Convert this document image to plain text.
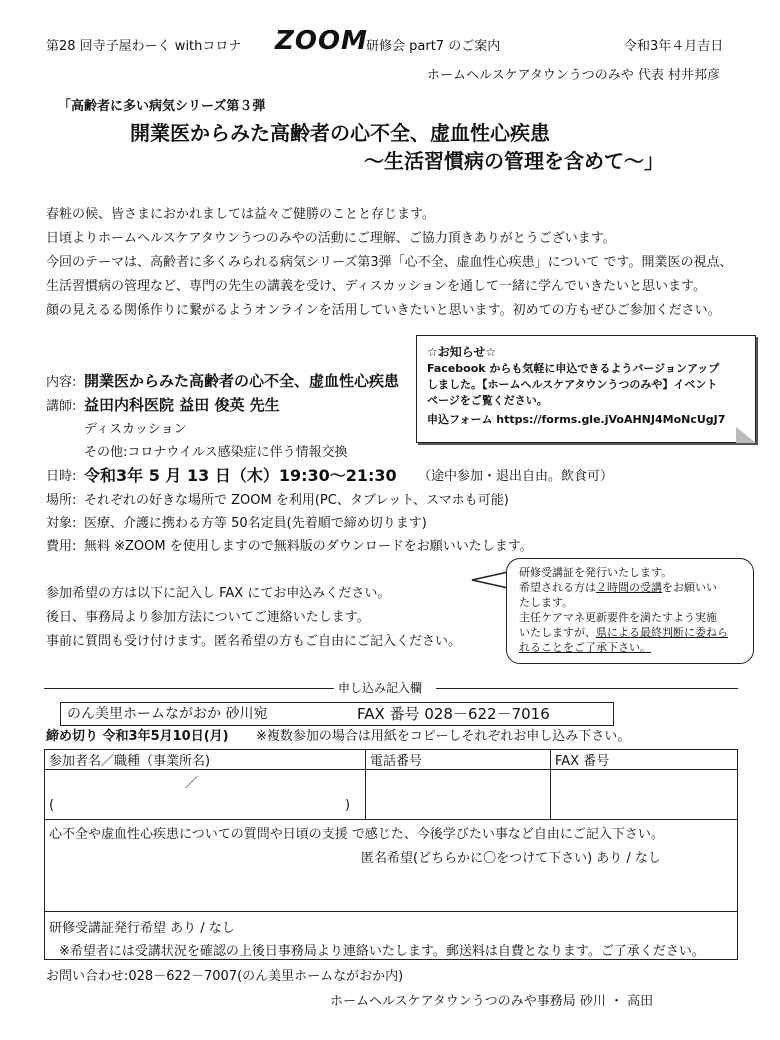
第28 回寺子屋わーく withコロナ ZOOM
研修会 part7 のご案内	令和3年４月吉日
ホームヘルスケアタウンうつのみや 代表 村井邦彦
「高齢者に多い病気シリーズ第３弾
開業医からみた高齢者の心不全、虚血性心疾患
～生活習慣病の管理を含めて～」
春粧の候、皆さまにおかれましては益々ご健勝のことと存じます。
日頃よりホームヘルスケアタウンうつのみやの活動にご理解、ご協力頂きありがとうございます。
今回のテーマは、高齢者に多くみられる病気シリーズ第3弾「心不全、虚血性心疾患」について です。開業医の視点、
生活習慣病の管理など、専門の先生の講義を受け、ディスカッションを通して一緒に学んでいきたいと思います。
顔の見えるる関係作りに繋がるようオンラインを活用していきたいと思います。初めての方もぜひご参加ください。
☆お知らせ☆
Facebook からも気軽に申込できるようバージョンアップ
しました。【ホームヘルスケアタウンうつのみや】イベント
ページをご覧ください。
申込フォーム https://forms.gle.jVoAHNJ4MoNcUgJ7
内容: 開業医からみた高齢者の心不全、虚血性心疾患
講師: 益田内科医院 益田 俊英 先生
ディスカッション
その他:コロナウイルス感染症に伴う情報交換
日時: 令和3年 5 月 13 日（木）19:30～21:30 （途中参加・退出自由。飲食可）
場所: それぞれの好きな場所で ZOOM を利用(PC、タブレット、スマホも可能)
対象: 医療、介護に携わる方等 50名定員(先着順で締め切ります)
費用: 無料 ※ZOOM を使用しますので無料版のダウンロードをお願いいたします。
参加希望の方は以下に記入し FAX にてお申込みください。
後日、事務局より参加方法についてご連絡いたします。
事前に質問も受け付けます。匿名希望の方もご自由にご記入ください。
研修受講証を発行いたします。
希望される方は２時間の受講をお願いい
たします。
主任ケアマネ更新要件を満たすよう実施
いたしますが、県による最終判断に委ねら
れることをご了承下さい。
申し込み記入欄
のん美里ホームながおか 砂川宛	FAX 番号 028－622－7016
締め切り 令和3年5月10日(月) ※複数参加の場合は用紙をコピーしそれぞれお申し込み下さい。
参加者名／職種（事業所名)	電話番号	FAX 番号

／
( )		

心不全や虚血性心疾患についての質問や日頃の支援 で感じた、今後学びたい事など自由にご記入下さい。
匿名希望(どちらかに〇をつけて下さい) あり / なし		

研修受講証発行希望 あり / なし
※希望者には受講状況を確認の上後日事務局より連絡いたします。郵送料は自費となります。ご了承ください。		
お問い合わせ:028－622－7007(のん美里ホームながおか内)
ホームヘルスケアタウンうつのみや事務局 砂川 ・ 高田
